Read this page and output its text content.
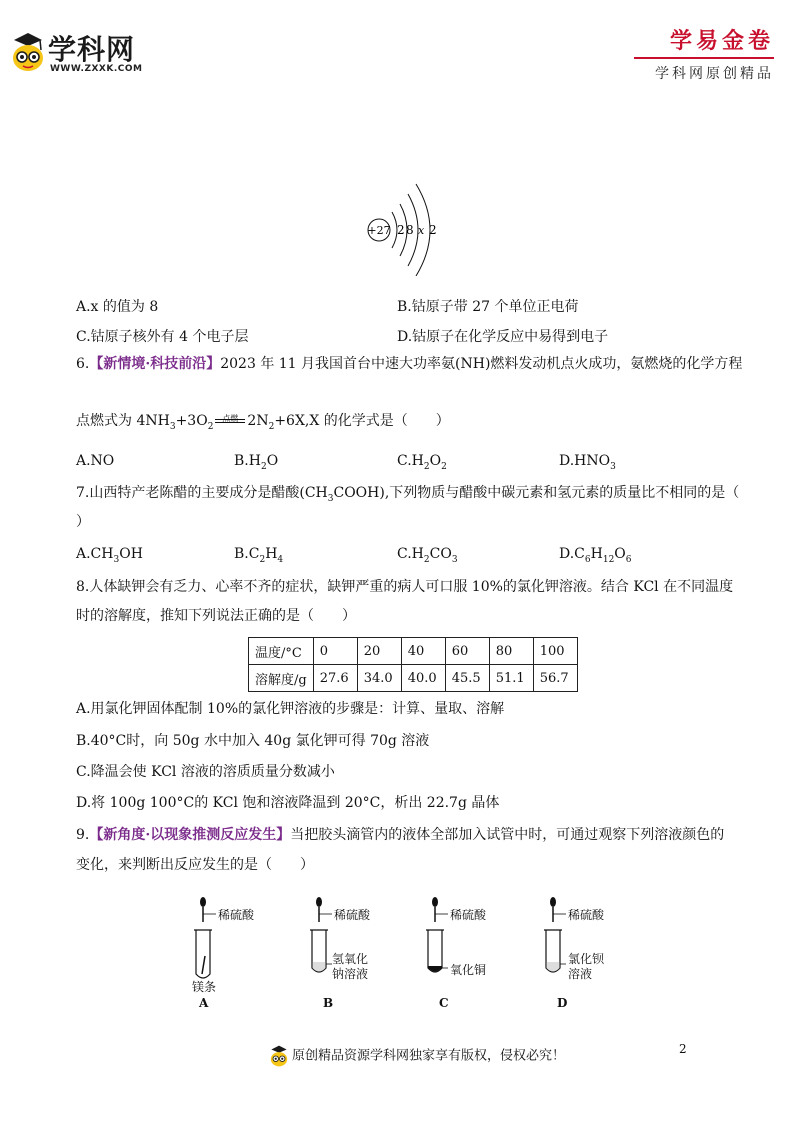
学科网
WWW.ZXXK.COM
学易金卷
学科网原创精品
+27 2 8 x 2
A.x 的值为 8	B.钴原子带 27 个单位正电荷
C.钴原子核外有 4 个电子层	D.钴原子在化学反应中易得到电子
6.【新情境·科技前沿】2023 年 11 月我国首台中速大功率氨(NH)燃料发动机点火成功，氨燃烧的化学方程
点燃式为 $4NH_3+3O_2$
点燃 $2N_2+6X,X$ 的化学式是（　　）
A.NO	$B.H_2O$	$C.H_2O_2$	$D.HNO_3$
7.山西特产老陈醋的主要成分是醋酸$(CH_3COOH)$,下列物质与醋酸中碳元素和氢元素的质量比不相同的是（
）
$A.CH_3OH$	$B.C_2H_4$	$C.H_2CO_3$	$D.C_6H_{12}O_6$
8.人体缺钾会有乏力、心率不齐的症状，缺钾严重的病人可口服 10%的氯化钾溶液。结合 KCl 在不同温度
时的溶解度，推知下列说法正确的是（　　）
温度/°C	0	20	40	60	80	100
溶解度/g	27.6	34.0	40.0	45.5	51.1	56.7
A.用氯化钾固体配制 10%的氯化钾溶液的步骤是：计算、量取、溶解
B.40°C时，向 50g 水中加入 40g 氯化钾可得 70g 溶液
C.降温会使 KCl 溶液的溶质质量分数减小
D.将 100g 100°C的 KCl 饱和溶液降温到 20°C，析出 22.7g 晶体
9.【新角度·以现象推测反应发生】当把胶头滴管内的液体全部加入试管中时，可通过观察下列溶液颜色的
变化，来判断出反应发生的是（　　）
稀硫酸
镁条
A
稀硫酸
氢氧化
钠溶液
B
稀硫酸
氧化铜
C
稀硫酸
氯化钡
溶液
D
原创精品资源学科网独家享有版权，侵权必究！	2
